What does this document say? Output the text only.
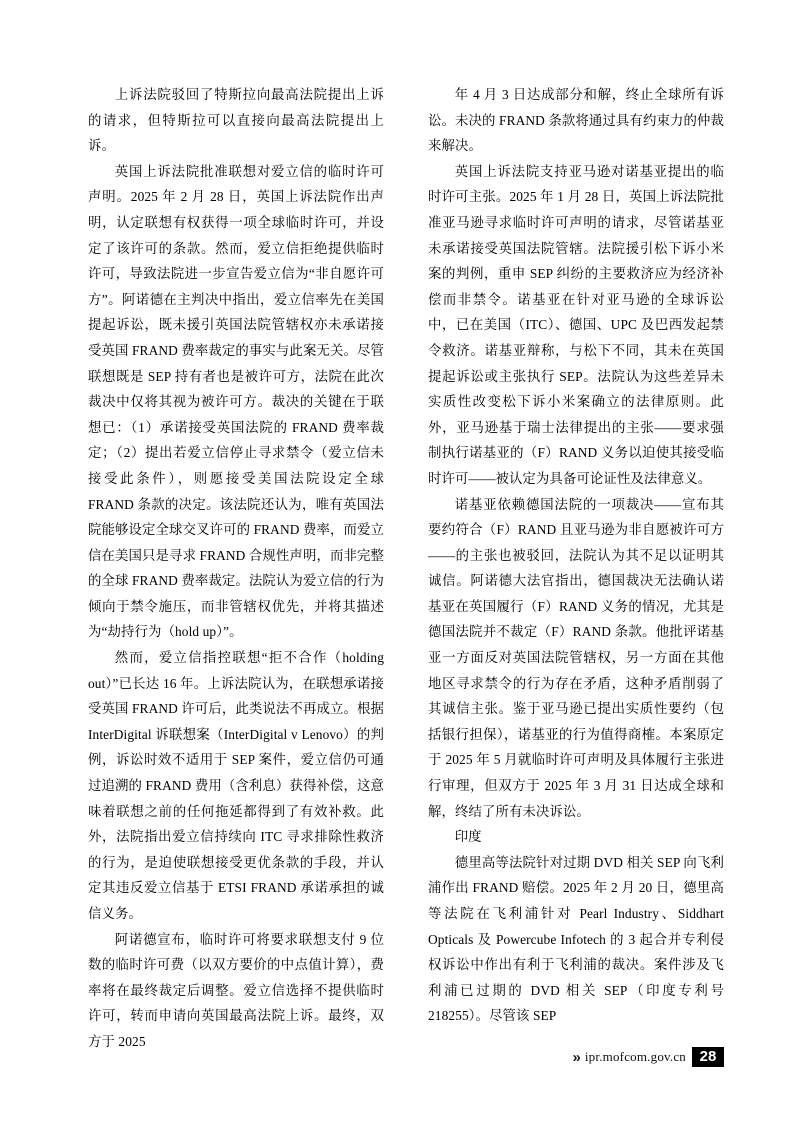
上诉法院驳回了特斯拉向最高法院提出上诉的请求，但特斯拉可以直接向最高法院提出上诉。

英国上诉法院批准联想对爱立信的临时许可声明。2025 年 2 月 28 日，英国上诉法院作出声明，认定联想有权获得一项全球临时许可，并设定了该许可的条款。然而，爱立信拒绝提供临时许可，导致法院进一步宣告爱立信为“非自愿许可方”。阿诺德在主判决中指出，爱立信率先在美国提起诉讼，既未援引英国法院管辖权亦未承诺接受英国 FRAND 费率裁定的事实与此案无关。尽管联想既是 SEP 持有者也是被许可方，法院在此次裁决中仅将其视为被许可方。裁决的关键在于联想已：（1）承诺接受英国法院的 FRAND 费率裁定；（2）提出若爱立信停止寻求禁令（爱立信未接受此条件），则愿接受美国法院设定全球 FRAND 条款的决定。该法院还认为，唯有英国法院能够设定全球交叉许可的 FRAND 费率，而爱立信在美国只是寻求 FRAND 合规性声明，而非完整的全球 FRAND 费率裁定。法院认为爱立信的行为倾向于禁令施压，而非管辖权优先，并将其描述为“劫持行为（hold up）”。

然而，爱立信指控联想“拒不合作（holding out）”已长达 16 年。上诉法院认为，在联想承诺接受英国 FRAND 许可后，此类说法不再成立。根据 InterDigital 诉联想案（InterDigital v Lenovo）的判例，诉讼时效不适用于 SEP 案件，爱立信仍可通过追溯的 FRAND 费用（含利息）获得补偿，这意味着联想之前的任何拖延都得到了有效补救。此外，法院指出爱立信持续向 ITC 寻求排除性救济的行为，是迫使联想接受更优条款的手段，并认定其违反爱立信基于 ETSI FRAND 承诺承担的诚信义务。

阿诺德宣布，临时许可将要求联想支付 9 位数的临时许可费（以双方要价的中点值计算），费率将在最终裁定后调整。爱立信选择不提供临时许可，转而申请向英国最高法院上诉。最终，双方于 2025

年 4 月 3 日达成部分和解，终止全球所有诉讼。未决的 FRAND 条款将通过具有约束力的仲裁来解决。

英国上诉法院支持亚马逊对诺基亚提出的临时许可主张。2025 年 1 月 28 日，英国上诉法院批准亚马逊寻求临时许可声明的请求，尽管诺基亚未承诺接受英国法院管辖。法院援引松下诉小米案的判例，重申 SEP 纠纷的主要救济应为经济补偿而非禁令。诺基亚在针对亚马逊的全球诉讼中，已在美国（ITC）、德国、UPC 及巴西发起禁令救济。诺基亚辩称，与松下不同，其未在英国提起诉讼或主张执行 SEP。法院认为这些差异未实质性改变松下诉小米案确立的法律原则。此外，亚马逊基于瑞士法律提出的主张——要求强制执行诺基亚的（F）RAND 义务以迫使其接受临时许可——被认定为具备可论证性及法律意义。

诺基亚依赖德国法院的一项裁决——宣布其要约符合（F）RAND 且亚马逊为非自愿被许可方——的主张也被驳回，法院认为其不足以证明其诚信。阿诺德大法官指出，德国裁决无法确认诺基亚在英国履行（F）RAND 义务的情况，尤其是德国法院并不裁定（F）RAND 条款。他批评诺基亚一方面反对英国法院管辖权，另一方面在其他地区寻求禁令的行为存在矛盾，这种矛盾削弱了其诚信主张。鉴于亚马逊已提出实质性要约（包括银行担保），诺基亚的行为值得商榷。本案原定于 2025 年 5 月就临时许可声明及具体履行主张进行审理，但双方于 2025 年 3 月 31 日达成全球和解，终结了所有未决诉讼。

印度

德里高等法院针对过期 DVD 相关 SEP 向飞利浦作出 FRAND 赔偿。2025 年 2 月 20 日，德里高等法院在飞利浦针对 Pearl Industry、Siddhart Opticals 及 Powercube Infotech 的 3 起合并专利侵权诉讼中作出有利于飞利浦的裁决。案件涉及飞利浦已过期的 DVD 相关 SEP（印度专利号 218255）。尽管该 SEP

» ipr.mofcom.gov.cn 28
